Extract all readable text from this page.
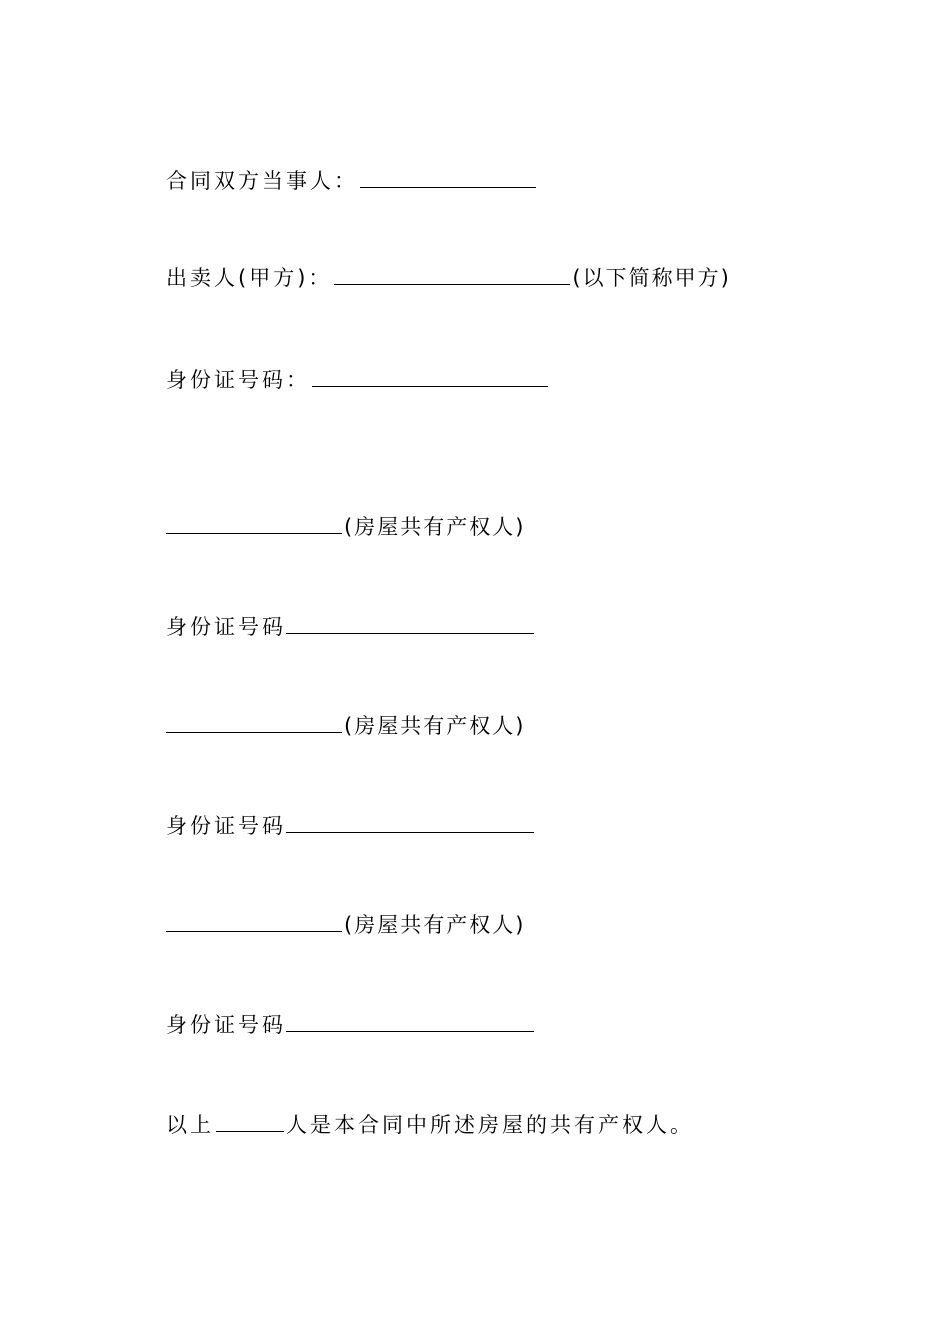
合同双方当事人：
出卖人(甲方)：	(以下简称甲方)
身份证号码：
(房屋共有产权人)
身份证号码
(房屋共有产权人)
身份证号码
(房屋共有产权人)
身份证号码
以上	人是本合同中所述房屋的共有产权人。
